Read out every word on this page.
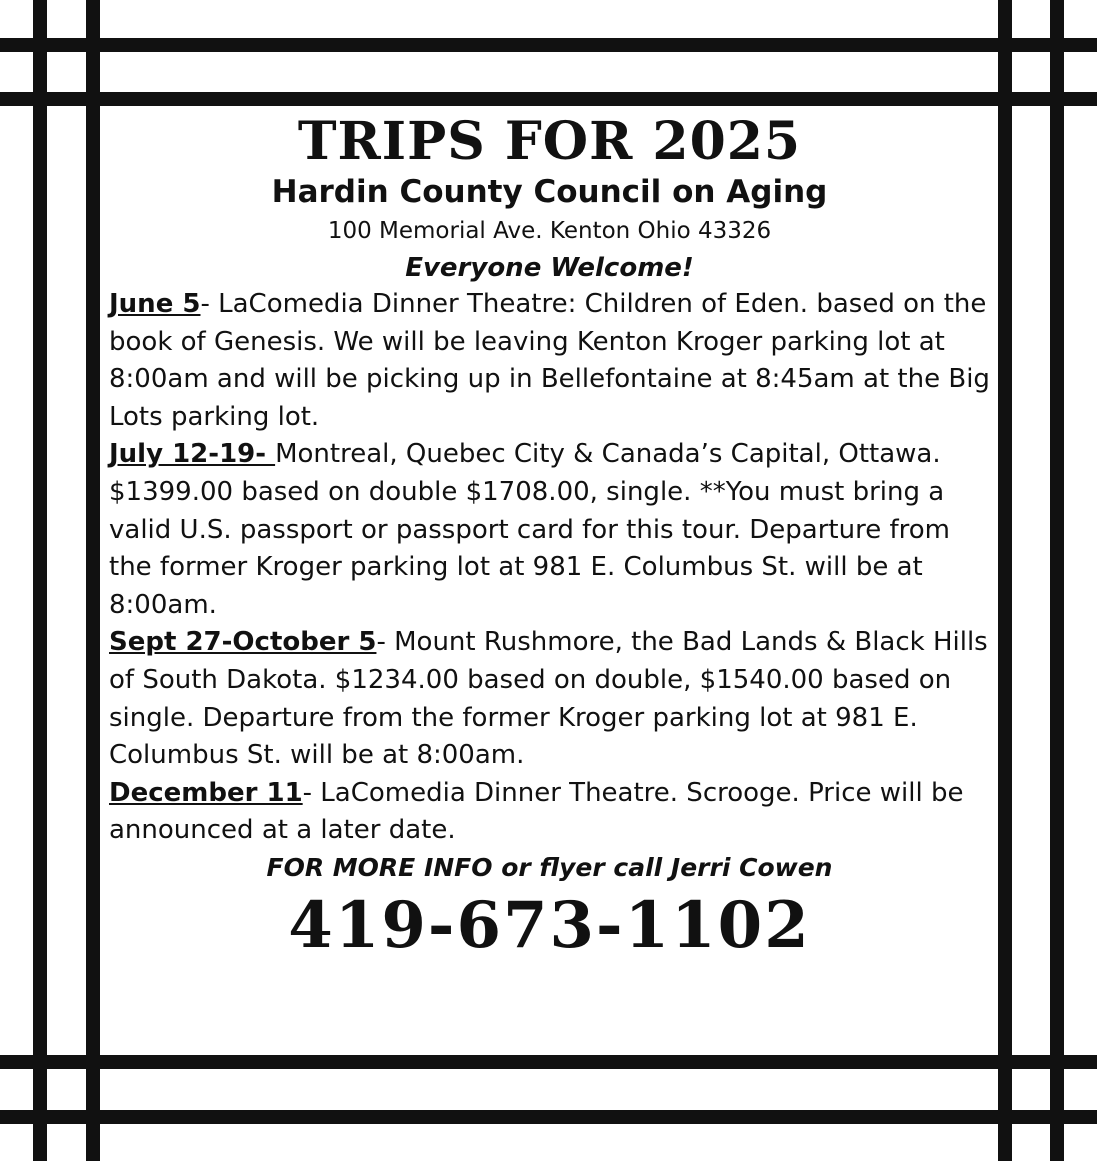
TRIPS FOR 2025

Hardin County Council on Aging

100 Memorial Ave. Kenton Ohio 43326

Everyone Welcome!

June 5- LaComedia Dinner Theatre: Children of Eden. based on the book of Genesis. We will be leaving Kenton Kroger parking lot at 8:00am and will be picking up in Bellefontaine at 8:45am at the Big Lots parking lot.

July 12-19- Montreal, Quebec City & Canada’s Capital, Ottawa. $1399.00 based on double $1708.00, single. **You must bring a valid U.S. passport or passport card for this tour. Departure from the former Kroger parking lot at 981 E. Columbus St. will be at 8:00am.

Sept 27-October 5- Mount Rushmore, the Bad Lands & Black Hills of South Dakota. $1234.00 based on double, $1540.00 based on single. Departure from the former Kroger parking lot at 981 E. Columbus St. will be at 8:00am.

December 11- LaComedia Dinner Theatre. Scrooge. Price will be announced at a later date.

FOR MORE INFO or flyer call Jerri Cowen

419-673-1102
